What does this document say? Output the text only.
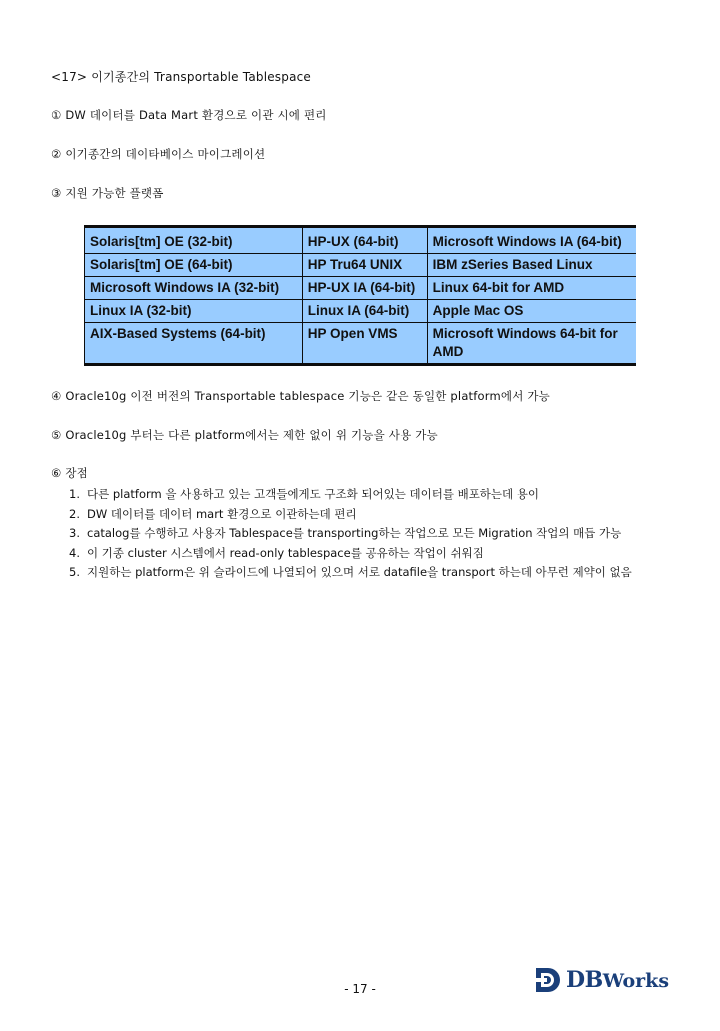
<17> 이기종간의 Transportable Tablespace
① DW 데이터를 Data Mart 환경으로 이관 시에 편리
② 이기종간의 데이타베이스 마이그레이션
③ 지원 가능한 플랫폼
Solaris[tm] OE (32-bit)	HP-UX (64-bit)	Microsoft Windows IA (64-bit)
Solaris[tm] OE (64-bit)	HP Tru64 UNIX	IBM zSeries Based Linux
Microsoft Windows IA (32-bit)	HP-UX IA (64-bit)	Linux 64-bit for AMD
Linux IA (32-bit)	Linux IA (64-bit)	Apple Mac OS
AIX-Based Systems (64-bit)	HP Open VMS	Microsoft Windows 64-bit for AMD
④ Oracle10g 이전 버전의 Transportable tablespace 기능은 같은 동일한 platform에서 가능
⑤ Oracle10g 부터는 다른 platform에서는 제한 없이 위 기능을 사용 가능
⑥ 장점
1. 다른 platform 을 사용하고 있는 고객들에게도 구조화 되어있는 데이터를 배포하는데 용이
2. DW 데이터를 데이터 mart 환경으로 이관하는데 편리
3. catalog를 수행하고 사용자 Tablespace를 transporting하는 작업으로 모든 Migration 작업의 매듭 가능
4. 이 기종 cluster 시스템에서 read-only tablespace를 공유하는 작업이 쉬워짐
5. 지원하는 platform은 위 슬라이드에 나열되어 있으며 서로 datafile을 transport 하는데 아무런 제약이 없음
- 17 -	DBWorks
